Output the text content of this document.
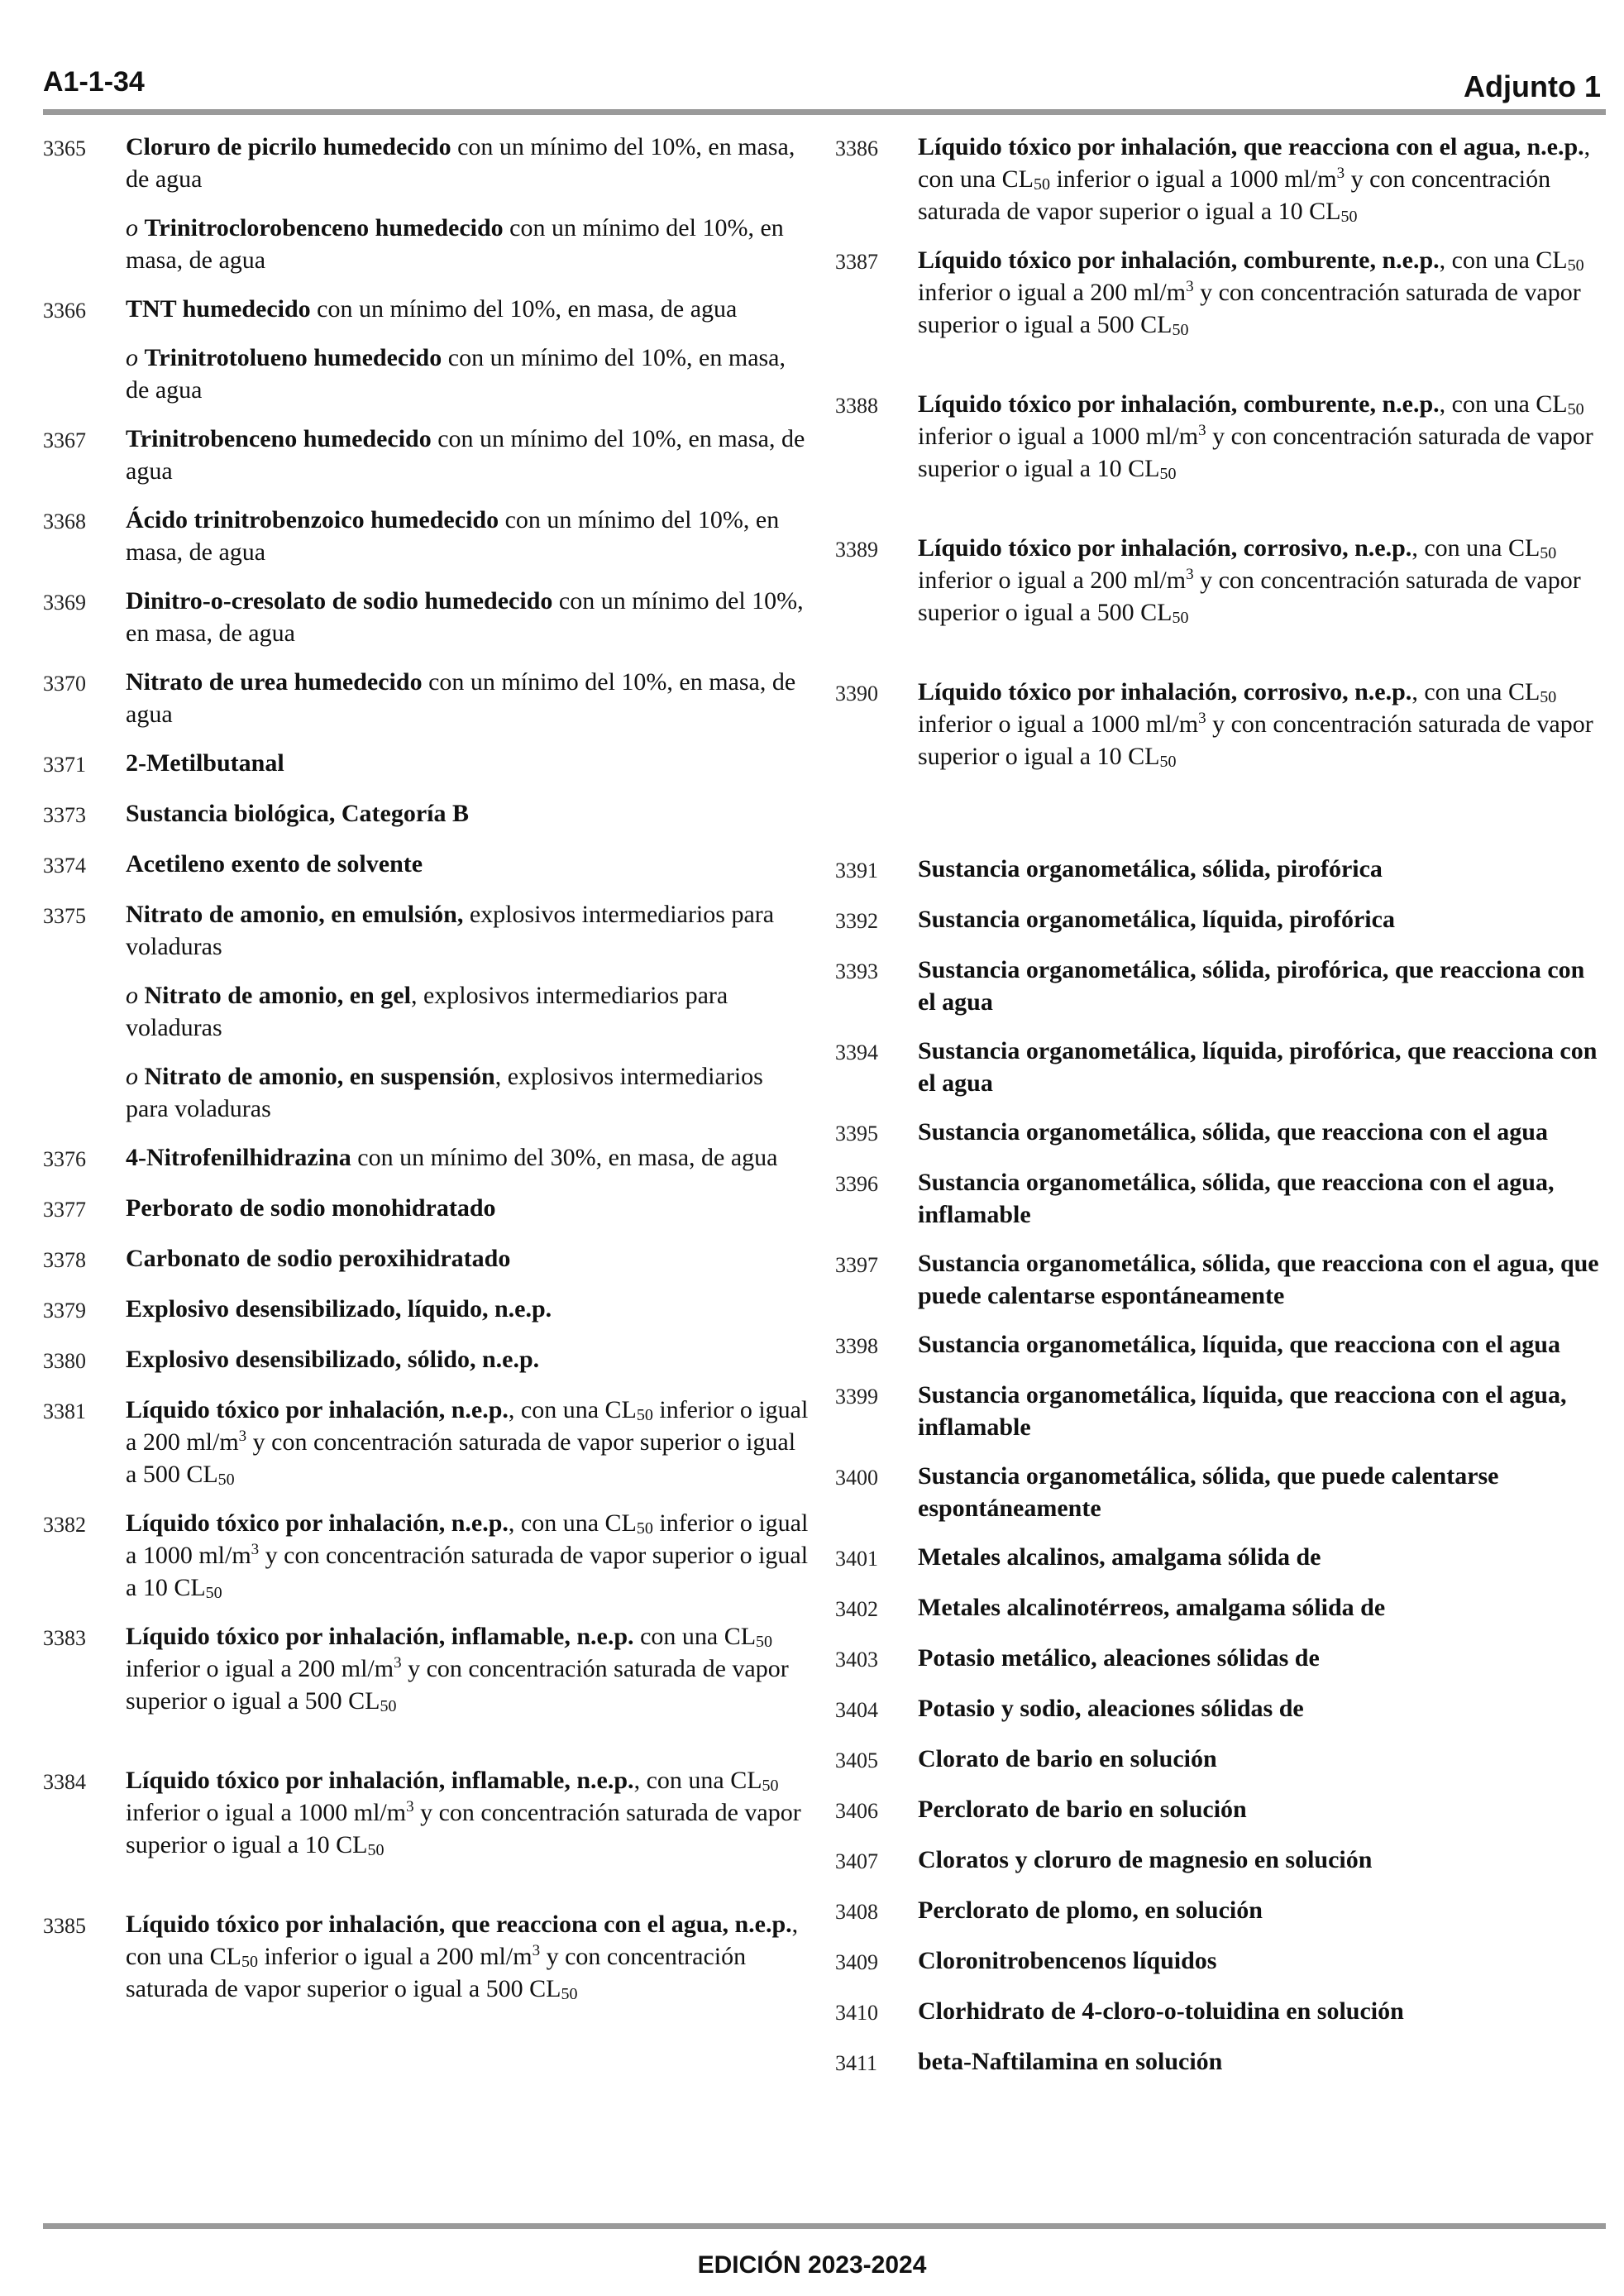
A1-1-34	Adjunto 1
3365	Cloruro de picrilo humedecido con un mínimo del 10%, en masa, de agua
o Trinitroclorobenceno humedecido con un mínimo del 10%, en masa, de agua
3366	TNT humedecido con un mínimo del 10%, en masa, de agua
o Trinitrotolueno humedecido con un mínimo del 10%, en masa, de agua
3367	Trinitrobenceno humedecido con un mínimo del 10%, en masa, de agua
3368	Ácido trinitrobenzoico humedecido con un mínimo del 10%, en masa, de agua
3369	Dinitro-o-cresolato de sodio humedecido con un mínimo del 10%, en masa, de agua
3370	Nitrato de urea humedecido con un mínimo del 10%, en masa, de agua
3371	2-Metilbutanal
3373	Sustancia biológica, Categoría B
3374	Acetileno exento de solvente
3375	Nitrato de amonio, en emulsión, explosivos intermediarios para voladuras
o Nitrato de amonio, en gel, explosivos intermediarios para voladuras
o Nitrato de amonio, en suspensión, explosivos intermediarios para voladuras
3376	4-Nitrofenilhidrazina con un mínimo del 30%, en masa, de agua
3377	Perborato de sodio monohidratado
3378	Carbonato de sodio peroxihidratado
3379	Explosivo desensibilizado, líquido, n.e.p.
3380	Explosivo desensibilizado, sólido, n.e.p.
3381	Líquido tóxico por inhalación, n.e.p., con una CL50 inferior o igual a 200 $ml/m^3$ y con concentración saturada de vapor superior o igual a 500 CL50
3382	Líquido tóxico por inhalación, n.e.p., con una CL50 inferior o igual a 1000 $ml/m^3$ y con concentración saturada de vapor superior o igual a 10 CL50
3383	Líquido tóxico por inhalación, inflamable, n.e.p. con una CL50 inferior o igual a 200 $ml/m^3$ y con concentración saturada de vapor superior o igual a 500 CL50
3384	Líquido tóxico por inhalación, inflamable, n.e.p., con una CL50 inferior o igual a 1000 $ml/m^3$ y con concentración saturada de vapor superior o igual a 10 CL50
3385	Líquido tóxico por inhalación, que reacciona con el agua, n.e.p., con una CL50 inferior o igual a 200 $ml/m^3$ y con concentración saturada de vapor superior o igual a 500 CL50
3386	Líquido tóxico por inhalación, que reacciona con el agua, n.e.p., con una CL50 inferior o igual a 1000 $ml/m^3$ y con concentración saturada de vapor superior o igual a 10 CL50
3387	Líquido tóxico por inhalación, comburente, n.e.p., con una CL50 inferior o igual a 200 $ml/m^3$ y con concentración saturada de vapor superior o igual a 500 CL50
3388	Líquido tóxico por inhalación, comburente, n.e.p., con una CL50 inferior o igual a 1000 $ml/m^3$ y con concentración saturada de vapor superior o igual a 10 CL50
3389	Líquido tóxico por inhalación, corrosivo, n.e.p., con una CL50 inferior o igual a 200 $ml/m^3$ y con concentración saturada de vapor superior o igual a 500 CL50
3390	Líquido tóxico por inhalación, corrosivo, n.e.p., con una CL50 inferior o igual a 1000 $ml/m^3$ y con concentración saturada de vapor superior o igual a 10 CL50
3391	Sustancia organometálica, sólida, pirofórica
3392	Sustancia organometálica, líquida, pirofórica
3393	Sustancia organometálica, sólida, pirofórica, que reacciona con el agua
3394	Sustancia organometálica, líquida, pirofórica, que reacciona con el agua
3395	Sustancia organometálica, sólida, que reacciona con el agua
3396	Sustancia organometálica, sólida, que reacciona con el agua, inflamable
3397	Sustancia organometálica, sólida, que reacciona con el agua, que puede calentarse espontáneamente
3398	Sustancia organometálica, líquida, que reacciona con el agua
3399	Sustancia organometálica, líquida, que reacciona con el agua, inflamable
3400	Sustancia organometálica, sólida, que puede calentarse espontáneamente
3401	Metales alcalinos, amalgama sólida de
3402	Metales alcalinotérreos, amalgama sólida de
3403	Potasio metálico, aleaciones sólidas de
3404	Potasio y sodio, aleaciones sólidas de
3405	Clorato de bario en solución
3406	Perclorato de bario en solución
3407	Cloratos y cloruro de magnesio en solución
3408	Perclorato de plomo, en solución
3409	Cloronitrobencenos líquidos
3410	Clorhidrato de 4-cloro-o-toluidina en solución
3411	beta-Naftilamina en solución
EDICIÓN 2023-2024
